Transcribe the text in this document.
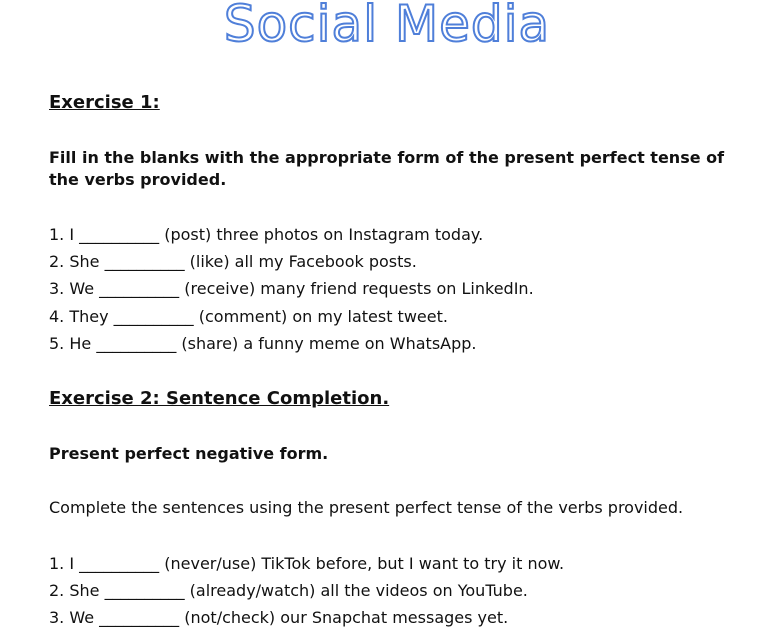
Social Media
Exercise 1:

Fill in the blanks with the appropriate form of the present perfect tense of the verbs provided.

1. I __________ (post) three photos on Instagram today.
2. She __________ (like) all my Facebook posts.
3. We __________ (receive) many friend requests on LinkedIn.
4. They __________ (comment) on my latest tweet.
5. He __________ (share) a funny meme on WhatsApp.
Exercise 2: Sentence Completion.

Present perfect negative form.

Complete the sentences using the present perfect tense of the verbs provided.

1. I __________ (never/use) TikTok before, but I want to try it now.
2. She __________ (already/watch) all the videos on YouTube.
3. We __________ (not/check) our Snapchat messages yet.
